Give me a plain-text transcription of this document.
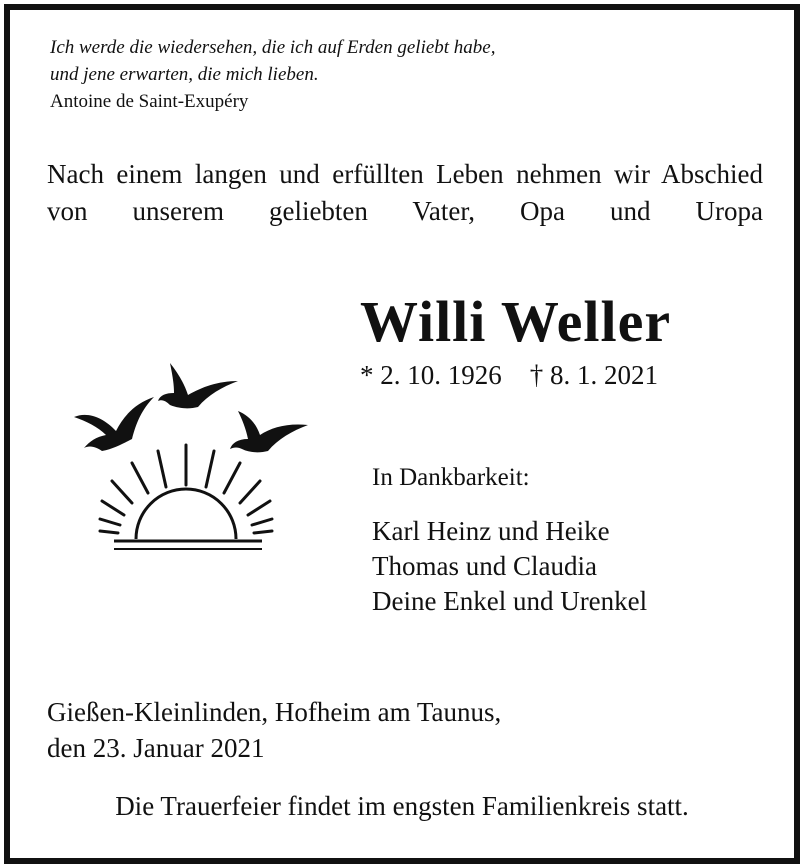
Ich werde die wiedersehen, die ich auf Erden geliebt habe,
und jene erwarten, die mich lieben.
Antoine de Saint-Exupéry
Nach einem langen und erfüllten Leben nehmen wir Abschied von unserem geliebten Vater, Opa und Uropa
Willi Weller
* 2. 10. 1926 † 8. 1. 2021
In Dankbarkeit:
Karl Heinz und Heike
Thomas und Claudia
Deine Enkel und Urenkel
Gießen-Kleinlinden, Hofheim am Taunus,
den 23. Januar 2021
Die Trauerfeier findet im engsten Familienkreis statt.
